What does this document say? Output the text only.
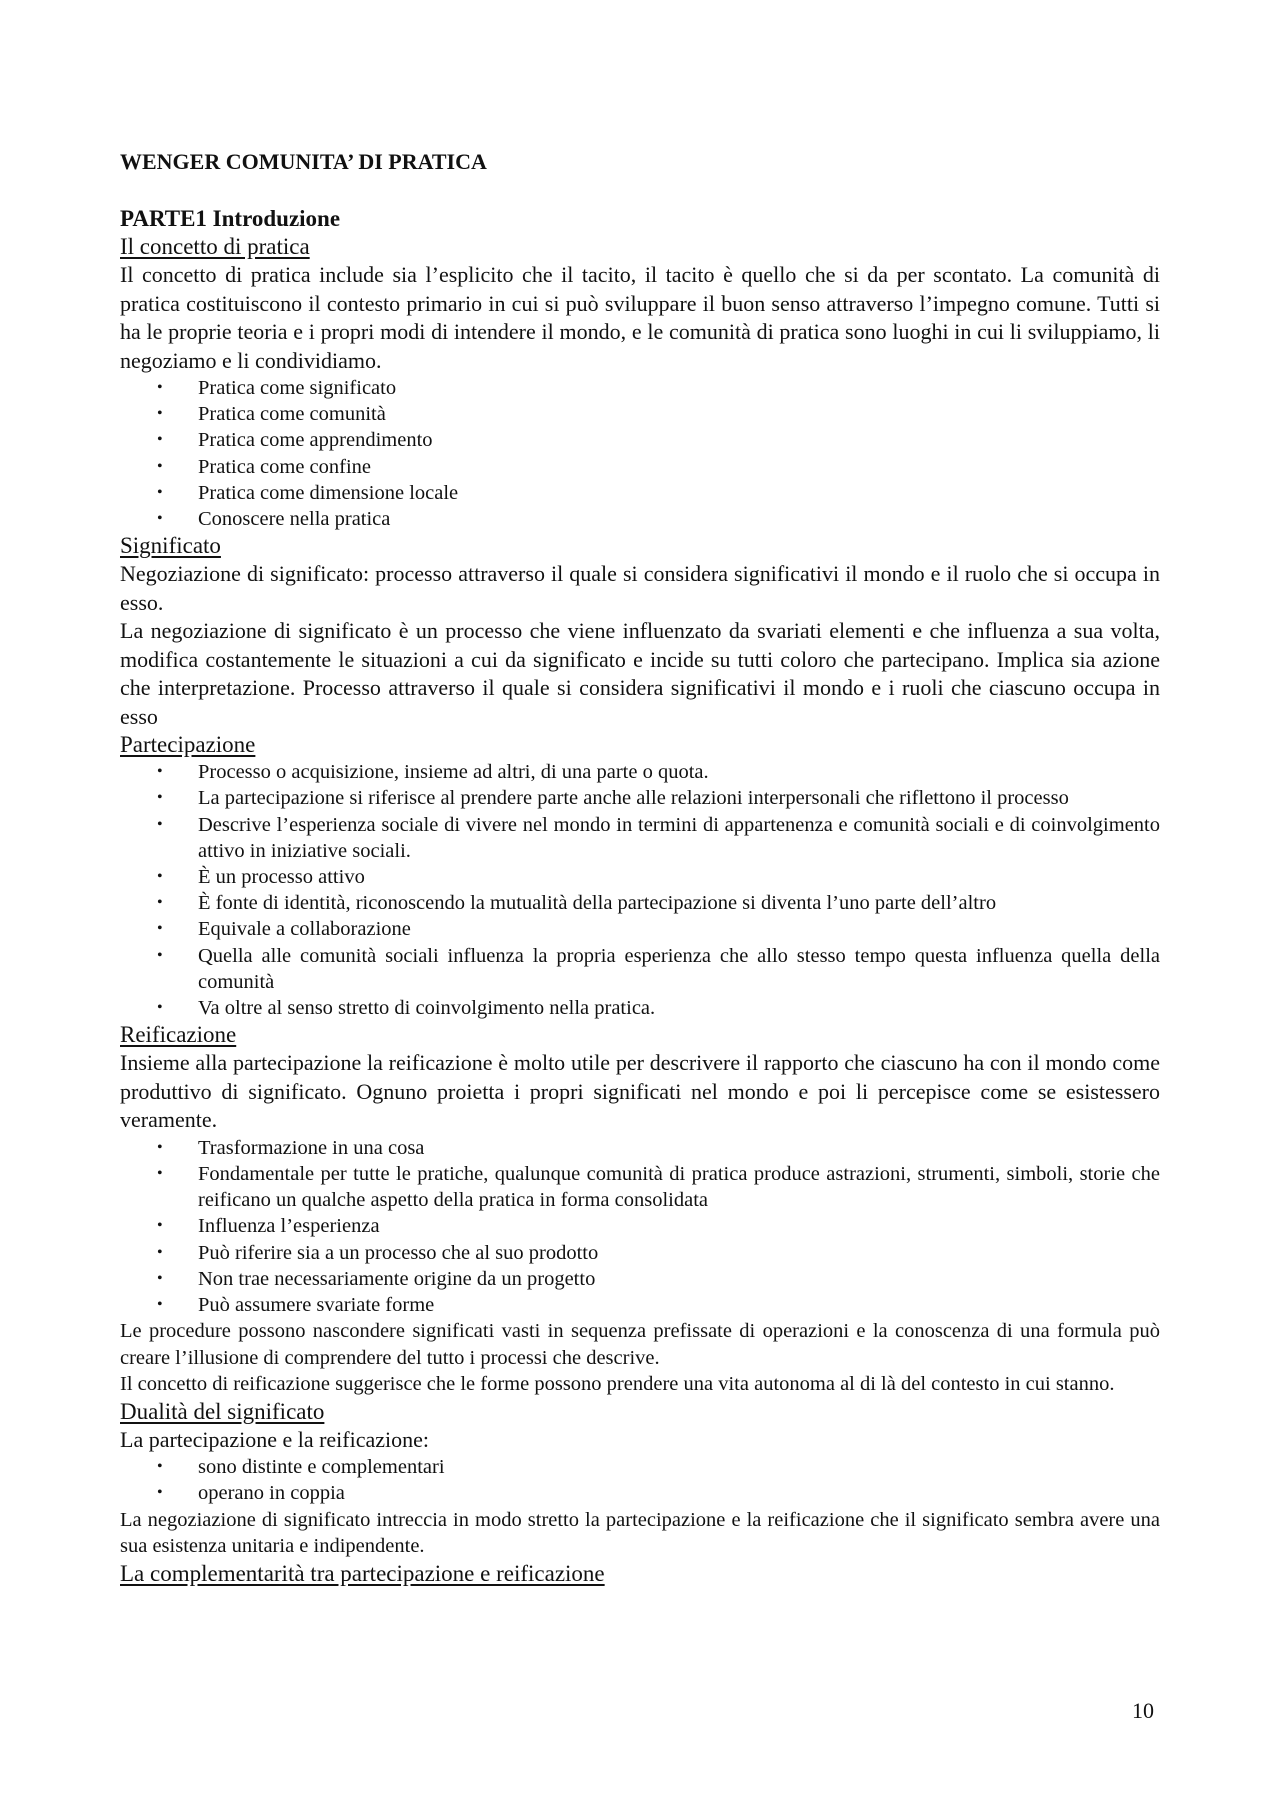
WENGER COMUNITA’ DI PRATICA
PARTE1 Introduzione
Il concetto di pratica

Il concetto di pratica include sia l’esplicito che il tacito, il tacito è quello che si da per scontato. La comunità di pratica costituiscono il contesto primario in cui si può sviluppare il buon senso attraverso l’impegno comune. Tutti si ha le proprie teoria e i propri modi di intendere il mondo, e le comunità di pratica sono luoghi in cui li sviluppiamo, li negoziamo e li condividiamo.

• Pratica come significato
• Pratica come comunità
• Pratica come apprendimento
• Pratica come confine
• Pratica come dimensione locale
• Conoscere nella pratica
Significato

Negoziazione di significato: processo attraverso il quale si considera significativi il mondo e il ruolo che si occupa in esso.

La negoziazione di significato è un processo che viene influenzato da svariati elementi e che influenza a sua volta, modifica costantemente le situazioni a cui da significato e incide su tutti coloro che partecipano. Implica sia azione che interpretazione. Processo attraverso il quale si considera significativi il mondo e i ruoli che ciascuno occupa in esso

Partecipazione
• Processo o acquisizione, insieme ad altri, di una parte o quota.
• La partecipazione si riferisce al prendere parte anche alle relazioni interpersonali che riflettono il processo
• Descrive l’esperienza sociale di vivere nel mondo in termini di appartenenza e comunità sociali e di coinvolgimento attivo in iniziative sociali.
• È un processo attivo
• È fonte di identità, riconoscendo la mutualità della partecipazione si diventa l’uno parte dell’altro
• Equivale a collaborazione
• Quella alle comunità sociali influenza la propria esperienza che allo stesso tempo questa influenza quella della comunità
• Va oltre al senso stretto di coinvolgimento nella pratica.
Reificazione

Insieme alla partecipazione la reificazione è molto utile per descrivere il rapporto che ciascuno ha con il mondo come produttivo di significato. Ognuno proietta i propri significati nel mondo e poi li percepisce come se esistessero veramente.

• Trasformazione in una cosa
• Fondamentale per tutte le pratiche, qualunque comunità di pratica produce astrazioni, strumenti, simboli, storie che reificano un qualche aspetto della pratica in forma consolidata
• Influenza l’esperienza
• Può riferire sia a un processo che al suo prodotto
• Non trae necessariamente origine da un progetto
• Può assumere svariate forme

Le procedure possono nascondere significati vasti in sequenza prefissate di operazioni e la conoscenza di una formula può creare l’illusione di comprendere del tutto i processi che descrive.

Il concetto di reificazione suggerisce che le forme possono prendere una vita autonoma al di là del contesto in cui stanno.

Dualità del significato

La partecipazione e la reificazione:

• sono distinte e complementari
• operano in coppia

La negoziazione di significato intreccia in modo stretto la partecipazione e la reificazione che il significato sembra avere una sua esistenza unitaria e indipendente.

La complementarità tra partecipazione e reificazione
10
